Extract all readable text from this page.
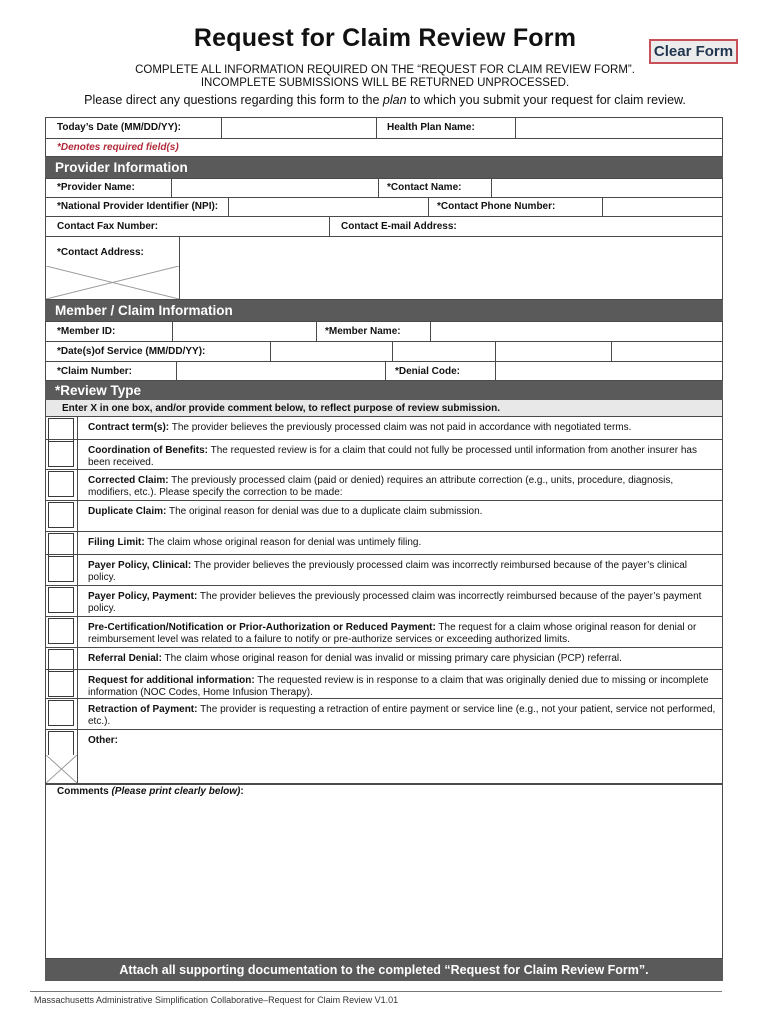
Request for Claim Review Form	Clear Form
COMPLETE ALL INFORMATION REQUIRED ON THE “REQUEST FOR CLAIM REVIEW FORM”.
INCOMPLETE SUBMISSIONS WILL BE RETURNED UNPROCESSED.
Please direct any questions regarding this form to the plan to which you submit your request for claim review.
Today’s Date (MM/DD/YY):	Health Plan Name:
*Denotes required field(s)
Provider Information
*Provider Name:	*Contact Name:
*National Provider Identifier (NPI):	*Contact Phone Number:
Contact Fax Number:	Contact E-mail Address:
*Contact Address:
Member / Claim Information
*Member ID:	*Member Name:
*Date(s)of Service (MM/DD/YY):
*Claim Number:	*Denial Code:
*Review Type
Enter X in one box, and/or provide comment below, to reflect purpose of review submission.
Contract term(s): The provider believes the previously processed claim was not paid in accordance with negotiated terms.
Coordination of Benefits: The requested review is for a claim that could not fully be processed until information from another insurer has been received.
Corrected Claim: The previously processed claim (paid or denied) requires an attribute correction (e.g., units, procedure, diagnosis, modifiers, etc.). Please specify the correction to be made:
Duplicate Claim: The original reason for denial was due to a duplicate claim submission.
Filing Limit: The claim whose original reason for denial was untimely filing.
Payer Policy, Clinical: The provider believes the previously processed claim was incorrectly reimbursed because of the payer’s clinical policy.
Payer Policy, Payment: The provider believes the previously processed claim was incorrectly reimbursed because of the payer’s payment policy.
Pre-Certification/Notification or Prior-Authorization or Reduced Payment: The request for a claim whose original reason for denial or reimbursement level was related to a failure to notify or pre-authorize services or exceeding authorized limits.
Referral Denial: The claim whose original reason for denial was invalid or missing primary care physician (PCP) referral.
Request for additional information: The requested review is in response to a claim that was originally denied due to missing or incomplete information (NOC Codes, Home Infusion Therapy).
Retraction of Payment: The provider is requesting a retraction of entire payment or service line (e.g., not your patient, service not performed, etc.).
Other:
Comments (Please print clearly below):
Attach all supporting documentation to the completed “Request for Claim Review Form”.
Massachusetts Administrative Simplification Collaborative–Request for Claim Review V1.01
